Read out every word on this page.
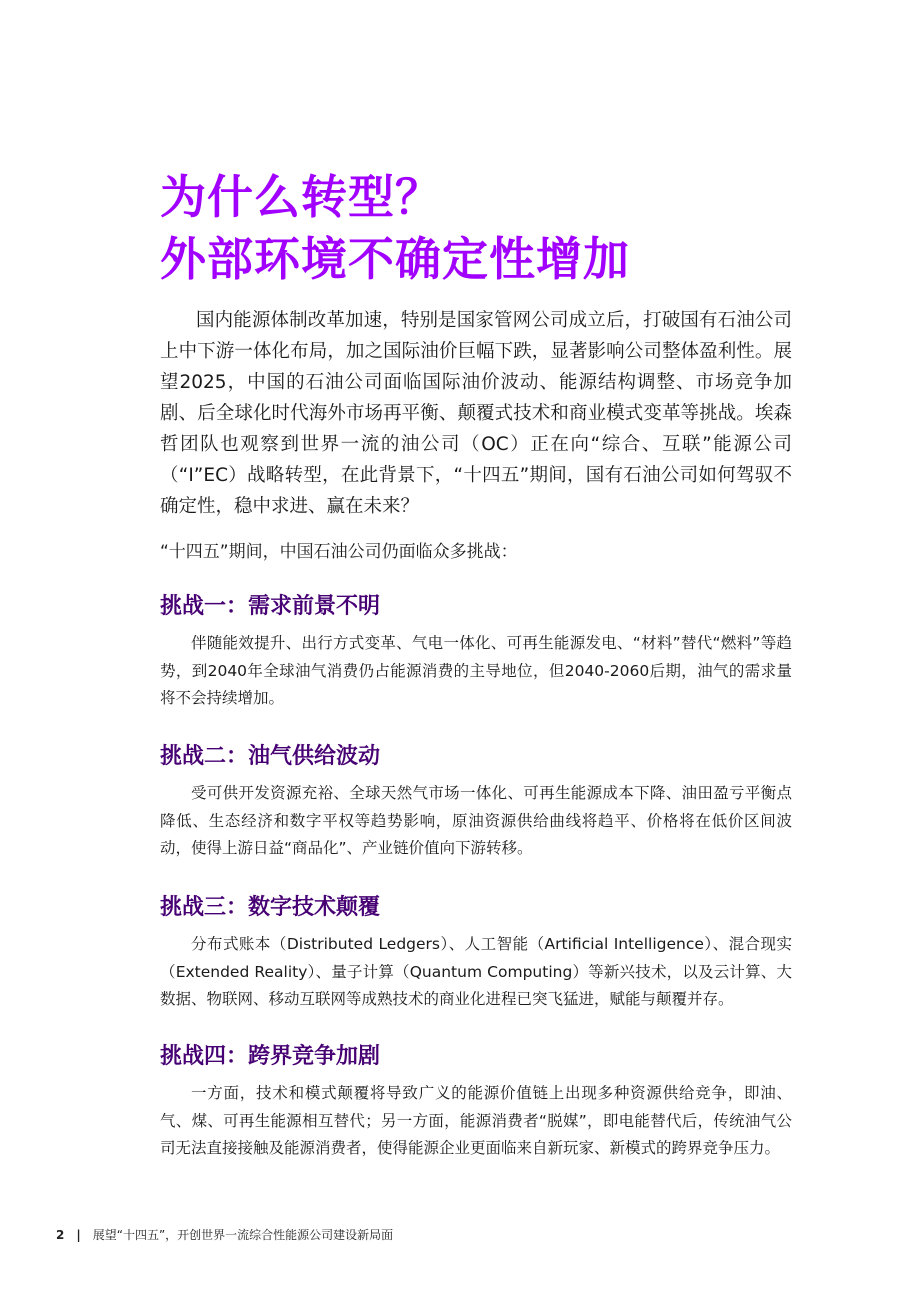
为什么转型？
外部环境不确定性增加

国内能源体制改革加速，特别是国家管网公司成立后，打破国有石油公司上中下游一体化布局，加之国际油价巨幅下跌，显著影响公司整体盈利性。展望2025，中国的石油公司面临国际油价波动、能源结构调整、市场竞争加剧、后全球化时代海外市场再平衡、颠覆式技术和商业模式变革等挑战。埃森哲团队也观察到世界一流的油公司（OC）正在向“综合、互联”能源公司（“I”EC）战略转型，在此背景下，“十四五”期间，国有石油公司如何驾驭不确定性，稳中求进、赢在未来？

“十四五”期间，中国石油公司仍面临众多挑战：

挑战一：需求前景不明

伴随能效提升、出行方式变革、气电一体化、可再生能源发电、“材料”替代“燃料”等趋势，到2040年全球油气消费仍占能源消费的主导地位，但2040-2060后期，油气的需求量将不会持续增加。

挑战二：油气供给波动

受可供开发资源充裕、全球天然气市场一体化、可再生能源成本下降、油田盈亏平衡点降低、生态经济和数字平权等趋势影响，原油资源供给曲线将趋平、价格将在低价区间波动，使得上游日益“商品化”、产业链价值向下游转移。

挑战三：数字技术颠覆

分布式账本（Distributed Ledgers）、人工智能（Artificial Intelligence）、混合现实（Extended Reality）、量子计算（Quantum Computing）等新兴技术，以及云计算、大数据、物联网、移动互联网等成熟技术的商业化进程已突飞猛进，赋能与颠覆并存。

挑战四：跨界竞争加剧

一方面，技术和模式颠覆将导致广义的能源价值链上出现多种资源供给竞争，即油、气、煤、可再生能源相互替代；另一方面，能源消费者“脱媒”，即电能替代后，传统油气公司无法直接接触及能源消费者，使得能源企业更面临来自新玩家、新模式的跨界竞争压力。

2 | 展望“十四五”，开创世界一流综合性能源公司建设新局面
